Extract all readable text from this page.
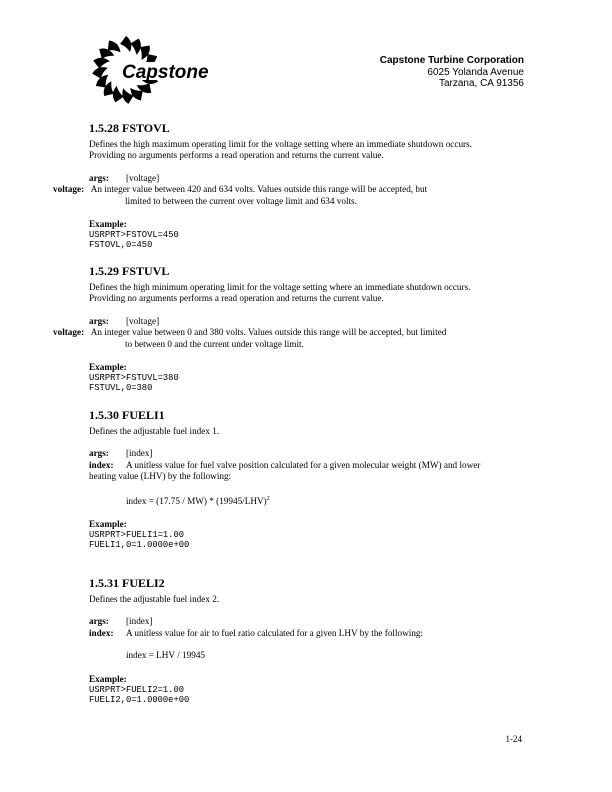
Capstone
Capstone Turbine Corporation
6025 Yolanda Avenue
Tarzana, CA 91356
1.5.28 FSTOVL
Defines the high maximum operating limit for the voltage setting where an immediate shutdown occurs.
Providing no arguments performs a read operation and returns the current value.
args: [voltage]
voltage: An integer value between 420 and 634 volts. Values outside this range will be accepted, but
limited to between the current over voltage limit and 634 volts.
Example:
USRPRT>FSTOVL=450
FSTOVL,0=450
1.5.29 FSTUVL
Defines the high minimum operating limit for the voltage setting where an immediate shutdown occurs.
Providing no arguments performs a read operation and returns the current value.
args: [voltage]
voltage: An integer value between 0 and 380 volts. Values outside this range will be accepted, but limited
to between 0 and the current under voltage limit.
Example:
USRPRT>FSTUVL=380
FSTUVL,0=380
1.5.30 FUELI1
Defines the adjustable fuel index 1.
args: [index]
index: A unitless value for fuel valve position calculated for a given molecular weight (MW) and lower
heating value (LHV) by the following:
index = $(17.75 / MW) * (19945/LHV)^2$
Example:
USRPRT>FUELI1=1.00
FUELI1,0=1.0000e+00
1.5.31 FUELI2
Defines the adjustable fuel index 2.
args: [index]
index: A unitless value for air to fuel ratio calculated for a given LHV by the following:
index = LHV / 19945
Example:
USRPRT>FUELI2=1.00
FUELI2,0=1.0000e+00
1-24
